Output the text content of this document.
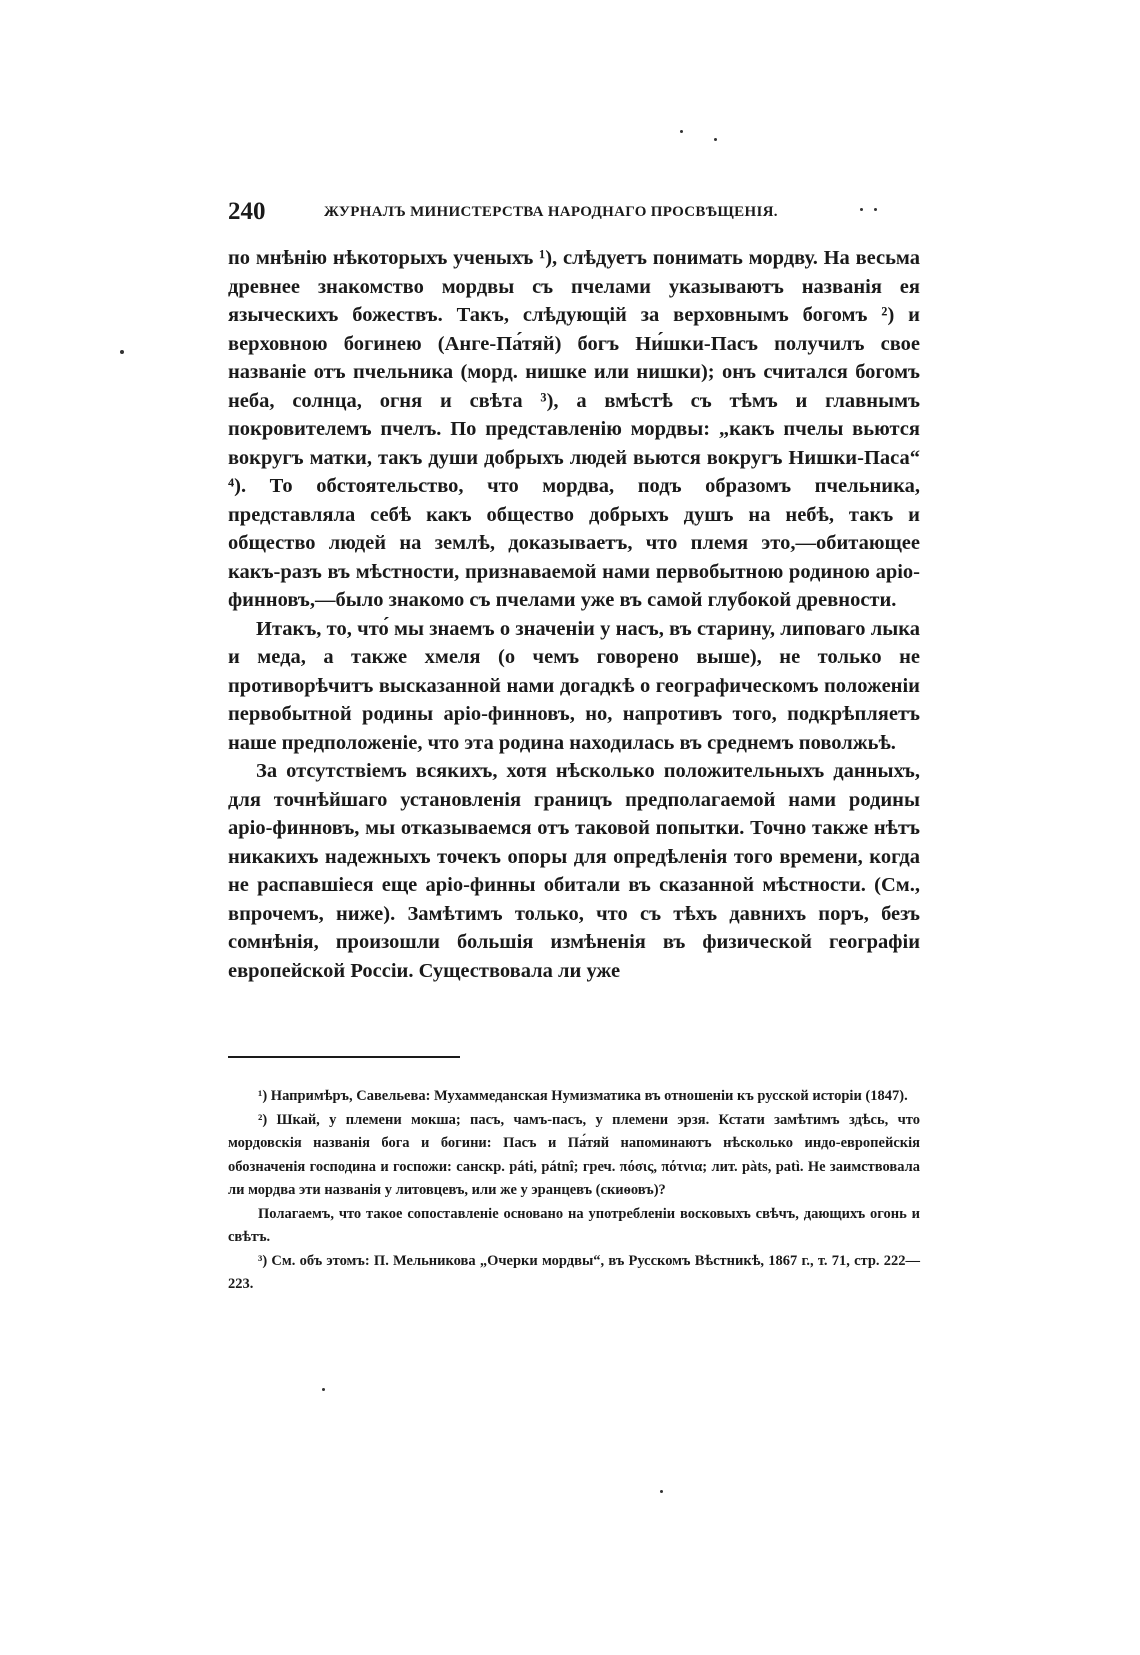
240	ЖУРНАЛЪ МИНИСТЕРСТВА НАРОДНАГО ПРОСВѢЩЕНІЯ.

по мнѣнію нѣкоторыхъ ученыхъ ¹), слѣдуетъ понимать мордву. На весьма древнее знакомство мордвы съ пчелами указываютъ названія ея языческихъ божествъ. Такъ, слѣдующій за верховнымъ богомъ ²) и верховною богинею (Анге-Па́тяй) богъ Ни́шки-Пасъ получилъ свое названіе отъ пчельника (морд. нишке или нишки); онъ считался богомъ неба, солнца, огня и свѣта ³), а вмѣстѣ съ тѣмъ и главнымъ покровителемъ пчелъ. По представленію мордвы: „какъ пчелы вьются вокругъ матки, такъ души добрыхъ людей вьются вокругъ Нишки-Паса“ ⁴). То обстоятельство, что мордва, подъ образомъ пчельника, представляла себѣ какъ общество добрыхъ душъ на небѣ, такъ и общество людей на землѣ, доказываетъ, что племя это,—обитающее какъ-разъ въ мѣстности, признаваемой нами первобытною родиною аріо-финновъ,—было знакомо съ пчелами уже въ самой глубокой древности.

Итакъ, то, что́ мы знаемъ о значеніи у насъ, въ старину, липоваго лыка и меда, а также хмеля (о чемъ говорено выше), не только не противорѣчитъ высказанной нами догадкѣ о географическомъ положеніи первобытной родины аріо-финновъ, но, напротивъ того, подкрѣпляетъ наше предположеніе, что эта родина находилась въ среднемъ поволжьѣ.

За отсутствіемъ всякихъ, хотя нѣсколько положительныхъ данныхъ, для точнѣйшаго установленія границъ предполагаемой нами родины аріо-финновъ, мы отказываемся отъ таковой попытки. Точно также нѣтъ никакихъ надежныхъ точекъ опоры для опредѣленія того времени, когда не распавшіеся еще аріо-финны обитали въ сказанной мѣстности. (См., впрочемъ, ниже). Замѣтимъ только, что съ тѣхъ давнихъ поръ, безъ сомнѣнія, произошли большія измѣненія въ физической географіи европейской Россіи. Существовала ли уже

¹) Напримѣръ, Савельева: Мухаммеданская Нумизматика въ отношеніи къ русской исторіи (1847).

²) Шкай, у племени мокша; пасъ, чамъ-пасъ, у племени эрзя. Кстати замѣтимъ здѣсь, что мордовскія названія бога и богини: Пасъ и Па́тяй напоминаютъ нѣсколько индо-европейскія обозначенія господина и госпожи: санскр. páti, pátnî; греч. πόσις, πότνια; лит. pàts, patì. Не заимствовала ли мордва эти названія у литовцевъ, или же у эранцевъ (скиѳовъ)?

Полагаемъ, что такое сопоставленіе основано на употребленіи восковыхъ свѣчъ, дающихъ огонь и свѣтъ.

³) См. объ этомъ: П. Мельникова „Очерки мордвы“, въ Русскомъ Вѣстникѣ, 1867 г., т. 71, стр. 222—223.
